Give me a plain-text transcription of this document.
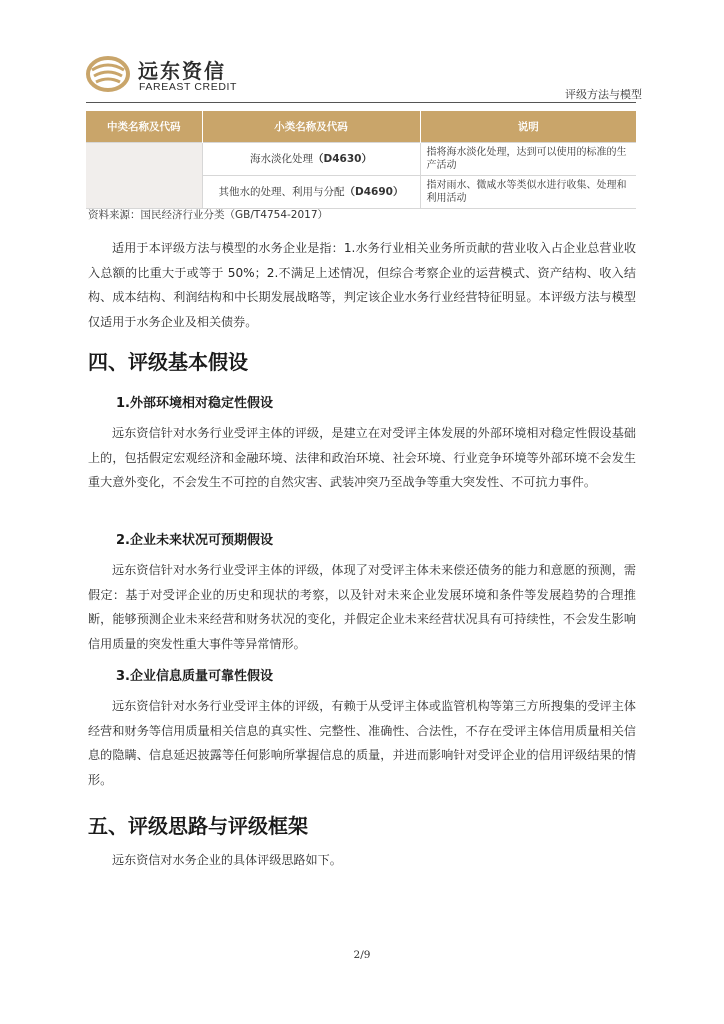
远东资信
FAREAST CREDIT
评级方法与模型
中类名称及代码	小类名称及代码	说明
	海水淡化处理（D4630）	指将海水淡化处理，达到可以使用的标准的生产活动
	其他水的处理、利用与分配（D4690）	指对雨水、微咸水等类似水进行收集、处理和利用活动
资料来源：国民经济行业分类（GB/T4754-2017）

适用于本评级方法与模型的水务企业是指：1.水务行业相关业务所贡献的营业收入占企业总营业收入总额的比重大于或等于 50%；2.不满足上述情况，但综合考察企业的运营模式、资产结构、收入结构、成本结构、利润结构和中长期发展战略等，判定该企业水务行业经营特征明显。本评级方法与模型仅适用于水务企业及相关债券。

四、评级基本假设
1.外部环境相对稳定性假设

远东资信针对水务行业受评主体的评级，是建立在对受评主体发展的外部环境相对稳定性假设基础上的，包括假定宏观经济和金融环境、法律和政治环境、社会环境、行业竞争环境等外部环境不会发生重大意外变化，不会发生不可控的自然灾害、武装冲突乃至战争等重大突发性、不可抗力事件。

2.企业未来状况可预期假设

远东资信针对水务行业受评主体的评级，体现了对受评主体未来偿还债务的能力和意愿的预测，需假定：基于对受评企业的历史和现状的考察，以及针对未来企业发展环境和条件等发展趋势的合理推断，能够预测企业未来经营和财务状况的变化，并假定企业未来经营状况具有可持续性，不会发生影响信用质量的突发性重大事件等异常情形。

3.企业信息质量可靠性假设

远东资信针对水务行业受评主体的评级，有赖于从受评主体或监管机构等第三方所搜集的受评主体经营和财务等信用质量相关信息的真实性、完整性、准确性、合法性，不存在受评主体信用质量相关信息的隐瞒、信息延迟披露等任何影响所掌握信息的质量，并进而影响针对受评企业的信用评级结果的情形。

五、评级思路与评级框架

远东资信对水务企业的具体评级思路如下。

2/9
